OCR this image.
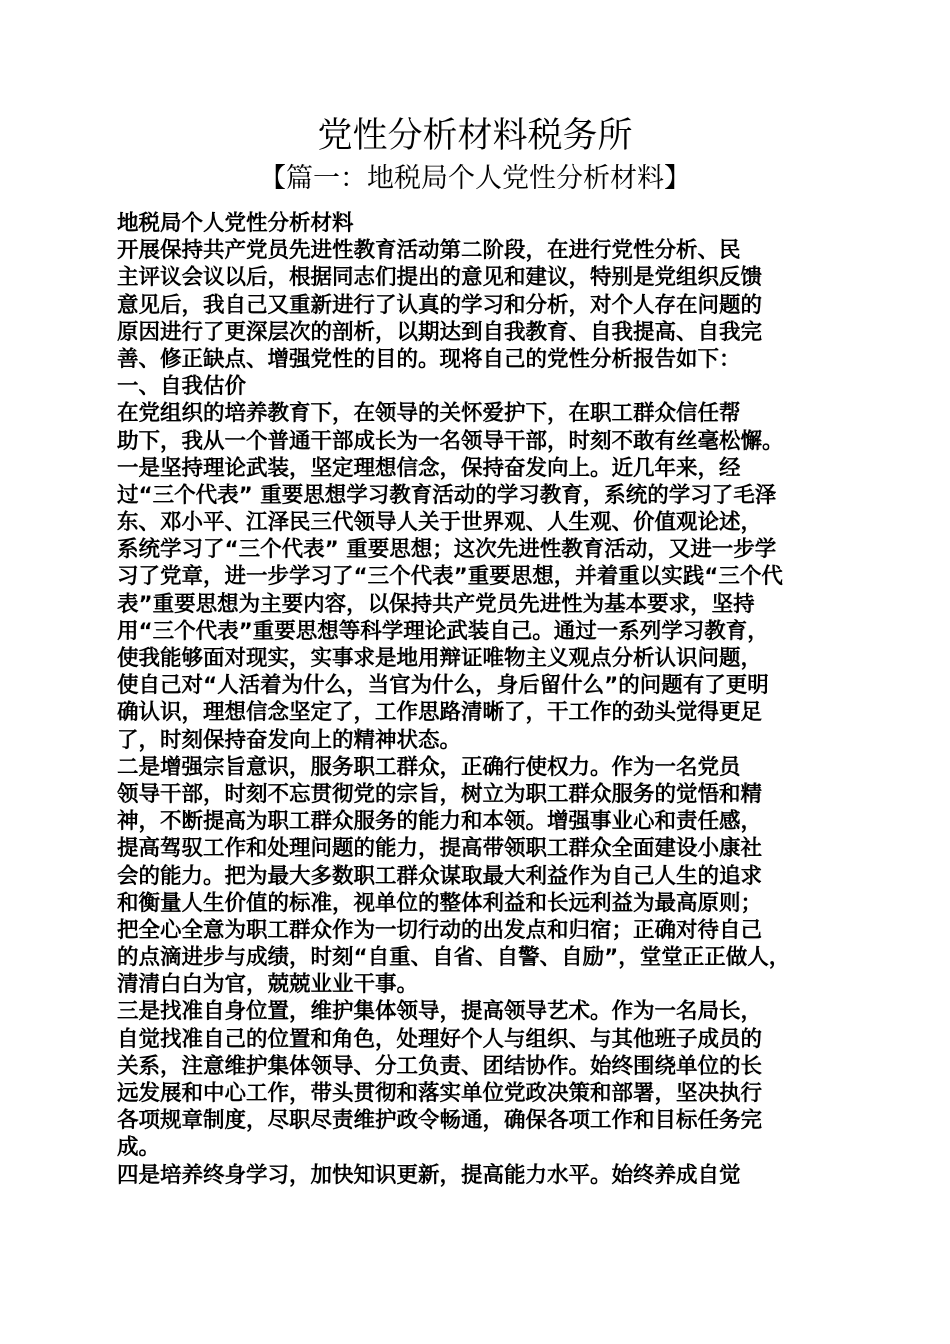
党性分析材料税务所
【篇一：地税局个人党性分析材料】
地税局个人党性分析材料
开展保持共产党员先进性教育活动第二阶段，在进行党性分析、民
主评议会议以后，根据同志们提出的意见和建议，特别是党组织反馈
意见后，我自己又重新进行了认真的学习和分析，对个人存在问题的
原因进行了更深层次的剖析，以期达到自我教育、自我提高、自我完
善、修正缺点、增强党性的目的。现将自己的党性分析报告如下：
一、自我估价
在党组织的培养教育下，在领导的关怀爱护下，在职工群众信任帮
助下，我从一个普通干部成长为一名领导干部，时刻不敢有丝毫松懈。
一是坚持理论武装，坚定理想信念，保持奋发向上。近几年来，经
过“三个代表” 重要思想学习教育活动的学习教育，系统的学习了毛泽
东、邓小平、江泽民三代领导人关于世界观、人生观、价值观论述，
系统学习了“三个代表” 重要思想；这次先进性教育活动，又进一步学
习了党章，进一步学习了“三个代表”重要思想，并着重以实践“三个代
表”重要思想为主要内容，以保持共产党员先进性为基本要求，坚持
用“三个代表”重要思想等科学理论武装自己。通过一系列学习教育，
使我能够面对现实，实事求是地用辩证唯物主义观点分析认识问题，
使自己对“人活着为什么，当官为什么，身后留什么”的问题有了更明
确认识，理想信念坚定了，工作思路清晰了，干工作的劲头觉得更足
了，时刻保持奋发向上的精神状态。
二是增强宗旨意识，服务职工群众，正确行使权力。作为一名党员
领导干部，时刻不忘贯彻党的宗旨，树立为职工群众服务的觉悟和精
神，不断提高为职工群众服务的能力和本领。增强事业心和责任感，
提高驾驭工作和处理问题的能力，提高带领职工群众全面建设小康社
会的能力。把为最大多数职工群众谋取最大利益作为自己人生的追求
和衡量人生价值的标准，视单位的整体利益和长远利益为最高原则；
把全心全意为职工群众作为一切行动的出发点和归宿；正确对待自己
的点滴进步与成绩，时刻“自重、自省、自警、自励”，堂堂正正做人，
清清白白为官，兢兢业业干事。
三是找准自身位置，维护集体领导，提高领导艺术。作为一名局长，
自觉找准自己的位置和角色，处理好个人与组织、与其他班子成员的
关系，注意维护集体领导、分工负责、团结协作。始终围绕单位的长
远发展和中心工作，带头贯彻和落实单位党政决策和部署，坚决执行
各项规章制度，尽职尽责维护政令畅通，确保各项工作和目标任务完
成。
四是培养终身学习，加快知识更新，提高能力水平。始终养成自觉
